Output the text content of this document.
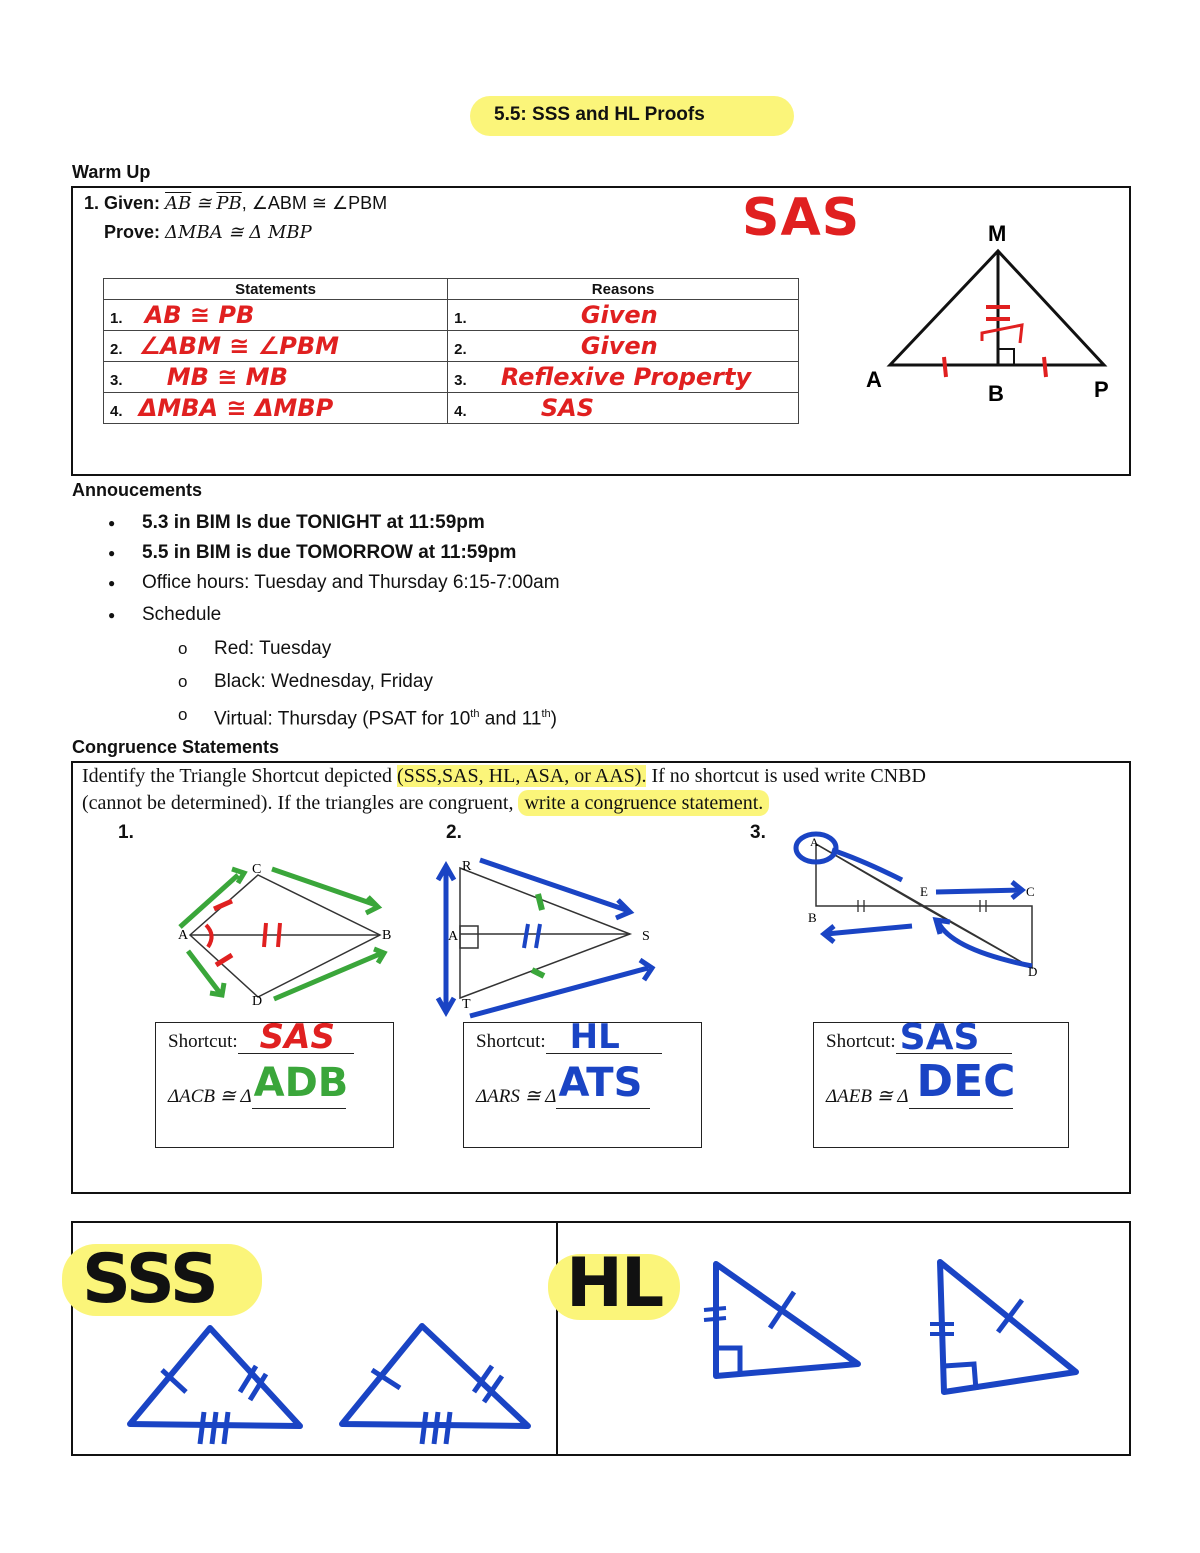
5.5: SSS and HL Proofs
Warm Up
1. Given: $\overline{AB}$ ≅ $\overline{PB}$, ∠ABM ≅ ∠PBM
Prove: ΔMBA ≅ Δ MBP	SAS
Statements	Reasons
1. AB ≅ PB	1. Given
2. ∠ABM ≅ ∠PBM	2. Given
3. MB ≅ MB	3. Reflexive Property
4. ΔMBA ≅ ΔMBP	4. SAS
M
A
B	P
Annoucements
● 5.3 in BIM Is due TONIGHT at 11:59pm
● 5.5 in BIM is due TOMORROW at 11:59pm
● Office hours: Tuesday and Thursday 6:15-7:00am
● Schedule
o Red: Tuesday
o Black: Wednesday, Friday
o Virtual: Thursday (PSAT for 10th and 11th)
Congruence Statements
Identify the Triangle Shortcut depicted (SSS,SAS, HL, ASA, or AAS). If no shortcut is used write CNBD
(cannot be determined). If the triangles are congruent, write a congruence statement.
1.	2.	3.
C
A	B
D
R
A	S
T
A
E	C
B
D
Shortcut: SAS
ΔACB ≅ Δ ADB
Shortcut: HL
ΔARS ≅ Δ ATS
Shortcut: SAS
ΔAEB ≅ Δ DEC
SSS	HL
